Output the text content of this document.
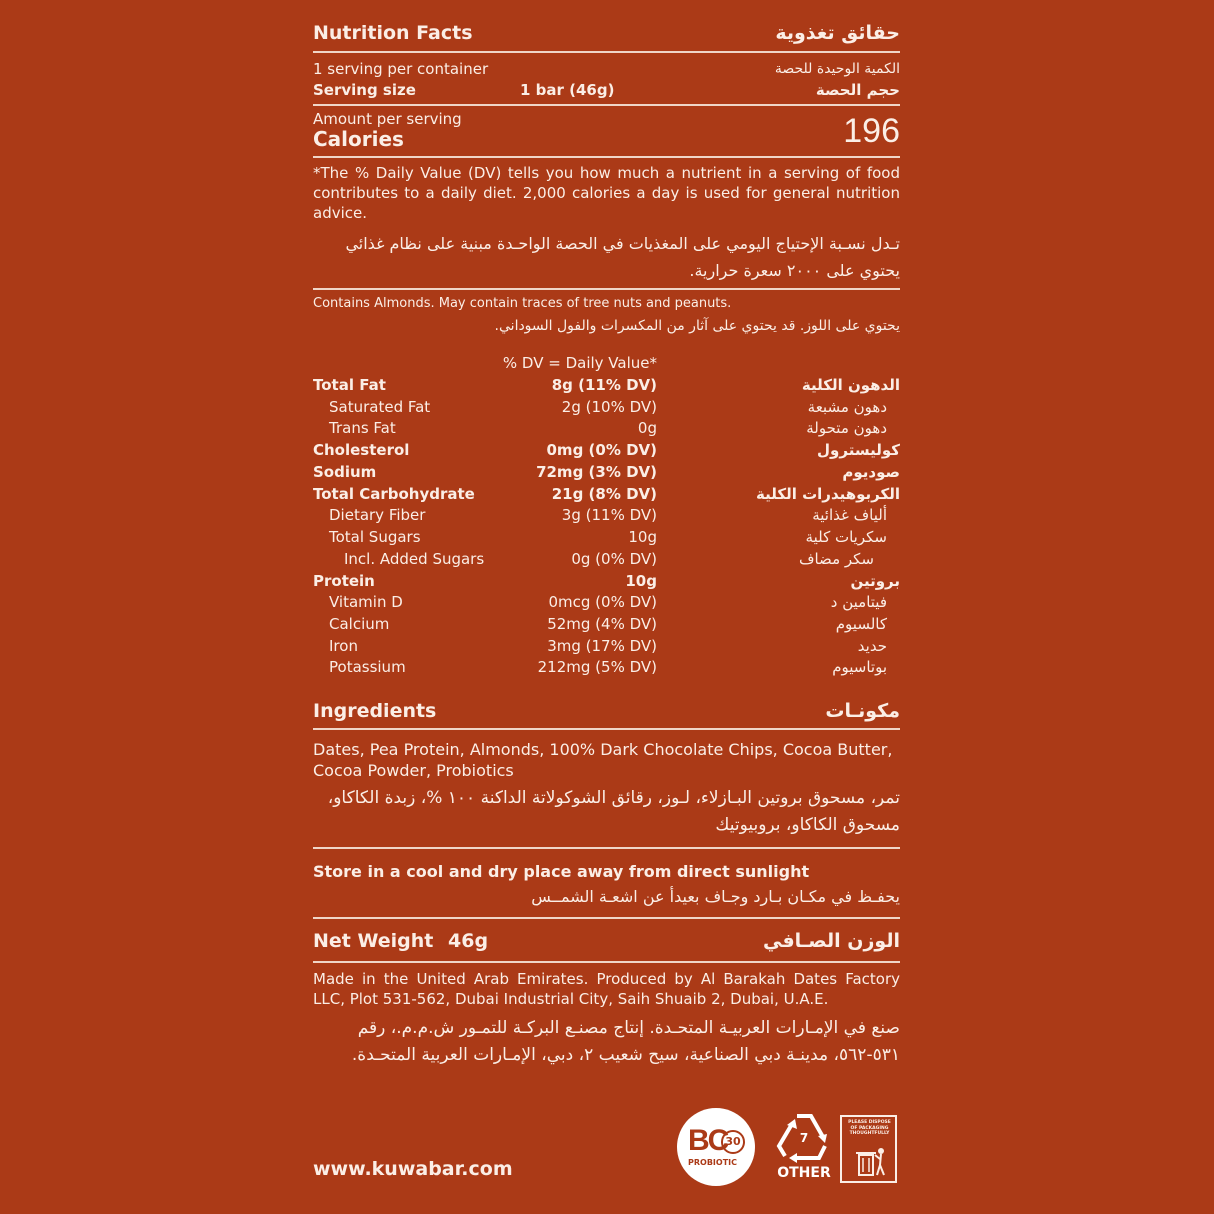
Nutrition Facts	حقائق تغذوية
1 serving per container	الكمية الوحيدة للحصة
Serving size	1 bar (46g)	حجم الحصة
Amount per serving
Calories	196
*The % Daily Value (DV) tells you how much a nutrient in a serving of food contributes to a daily diet. 2,000 calories a day is used for general nutrition advice.
تـدل نسـبة الإحتياج اليومي على المغذيات في الحصة الواحـدة مبنية على نظام غذائي يحتوي على ٢٠٠٠ سعرة حرارية.
Contains Almonds. May contain traces of tree nuts and peanuts.
يحتوي على اللوز. قد يحتوي على آثار من المكسرات والفول السوداني.
% DV = Daily Value*
Total Fat	8g (11% DV)	الدهون الكلية
Saturated Fat	2g (10% DV)	دهون مشبعة
Trans Fat	0g	دهون متحولة
Cholesterol	0mg (0% DV)	كوليسترول
Sodium	72mg (3% DV)	صوديوم
Total Carbohydrate	21g (8% DV)	الكربوهيدرات الكلية
Dietary Fiber	3g (11% DV)	ألياف غذائية
Total Sugars	10g	سكريات كلية
Incl. Added Sugars	0g (0% DV)	سكر مضاف
Protein	10g	بروتين
Vitamin D	0mcg (0% DV)	فيتامين د
Calcium	52mg (4% DV)	كالسيوم
Iron	3mg (17% DV)	حديد
Potassium	212mg (5% DV)	بوتاسيوم
Ingredients	مكونـات
Dates, Pea Protein, Almonds, 100% Dark Chocolate Chips, Cocoa Butter, Cocoa Powder, Probiotics
تمر، مسحوق بروتين البـازلاء، لـوز، رقائق الشوكولاتة الداكنة ١٠٠ %، زبدة الكاكاو، مسحوق الكاكاو، بروبيوتيك
Store in a cool and dry place away from direct sunlight
يحفـظ في مكـان بـارد وجـاف بعيدأ عن اشعـة الشمــس
Net Weight 46g	الوزن الصـافي
Made in the United Arab Emirates. Produced by Al Barakah Dates Factory LLC, Plot 531-562, Dubai Industrial City, Saih Shuaib 2, Dubai, U.A.E.
صنع في الإمـارات العربيـة المتحـدة. إنتاج مصنـع البركـة للتمـور ش.م.م.، رقم ٥٣١-٥٦٢، مدينـة دبي الصناعية، سيح شعيب ٢، دبي، الإمـارات العربية المتحـدة.
www.kuwabar.com
BC
30
PROBIOTIC
7
OTHER
PLEASE DISPOSE OF PACKAGING THOUGHTFULLY
